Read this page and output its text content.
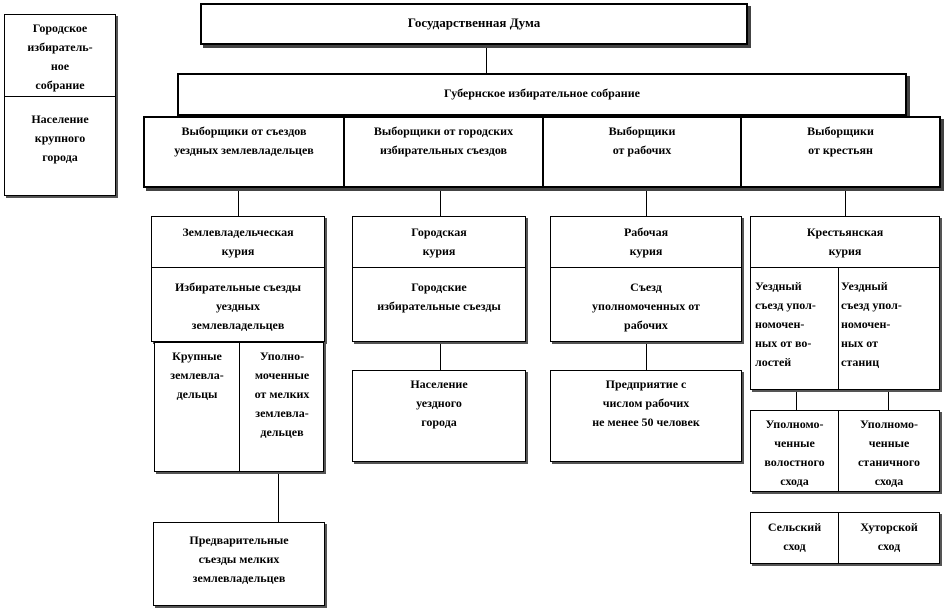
Городское
избиратель-
ное
собрание
Население
крупного
города
Государственная Дума
Губернское избирательное собрание
Выборщики от съездов
уездных землевладельцев
Выборщики от городских
избирательных съездов
Выборщики
от рабочих
Выборщики
от крестьян
Землевладельческая
курия
Избирательные съезды
уездных
землевладельцев
Крупные
землевла-
дельцы
Уполно-
моченные
от мелких
землевла-
дельцев
Предварительные
съезды мелких
землевладельцев
Городская
курия
Городские
избирательные съезды
Население
уездного
города
Рабочая
курия
Съезд
уполномоченных от
рабочих
Предприятие с
числом рабочих
не менее 50 человек
Крестьянская
курия
Уездный
съезд упол-
номочен-
ных от во-
лостей
Уездный
съезд упол-
номочен-
ных от
станиц
Уполномо-
ченные
волостного
схода
Уполномо-
ченные
станичного
схода
Сельский
сход
Хуторской
сход
